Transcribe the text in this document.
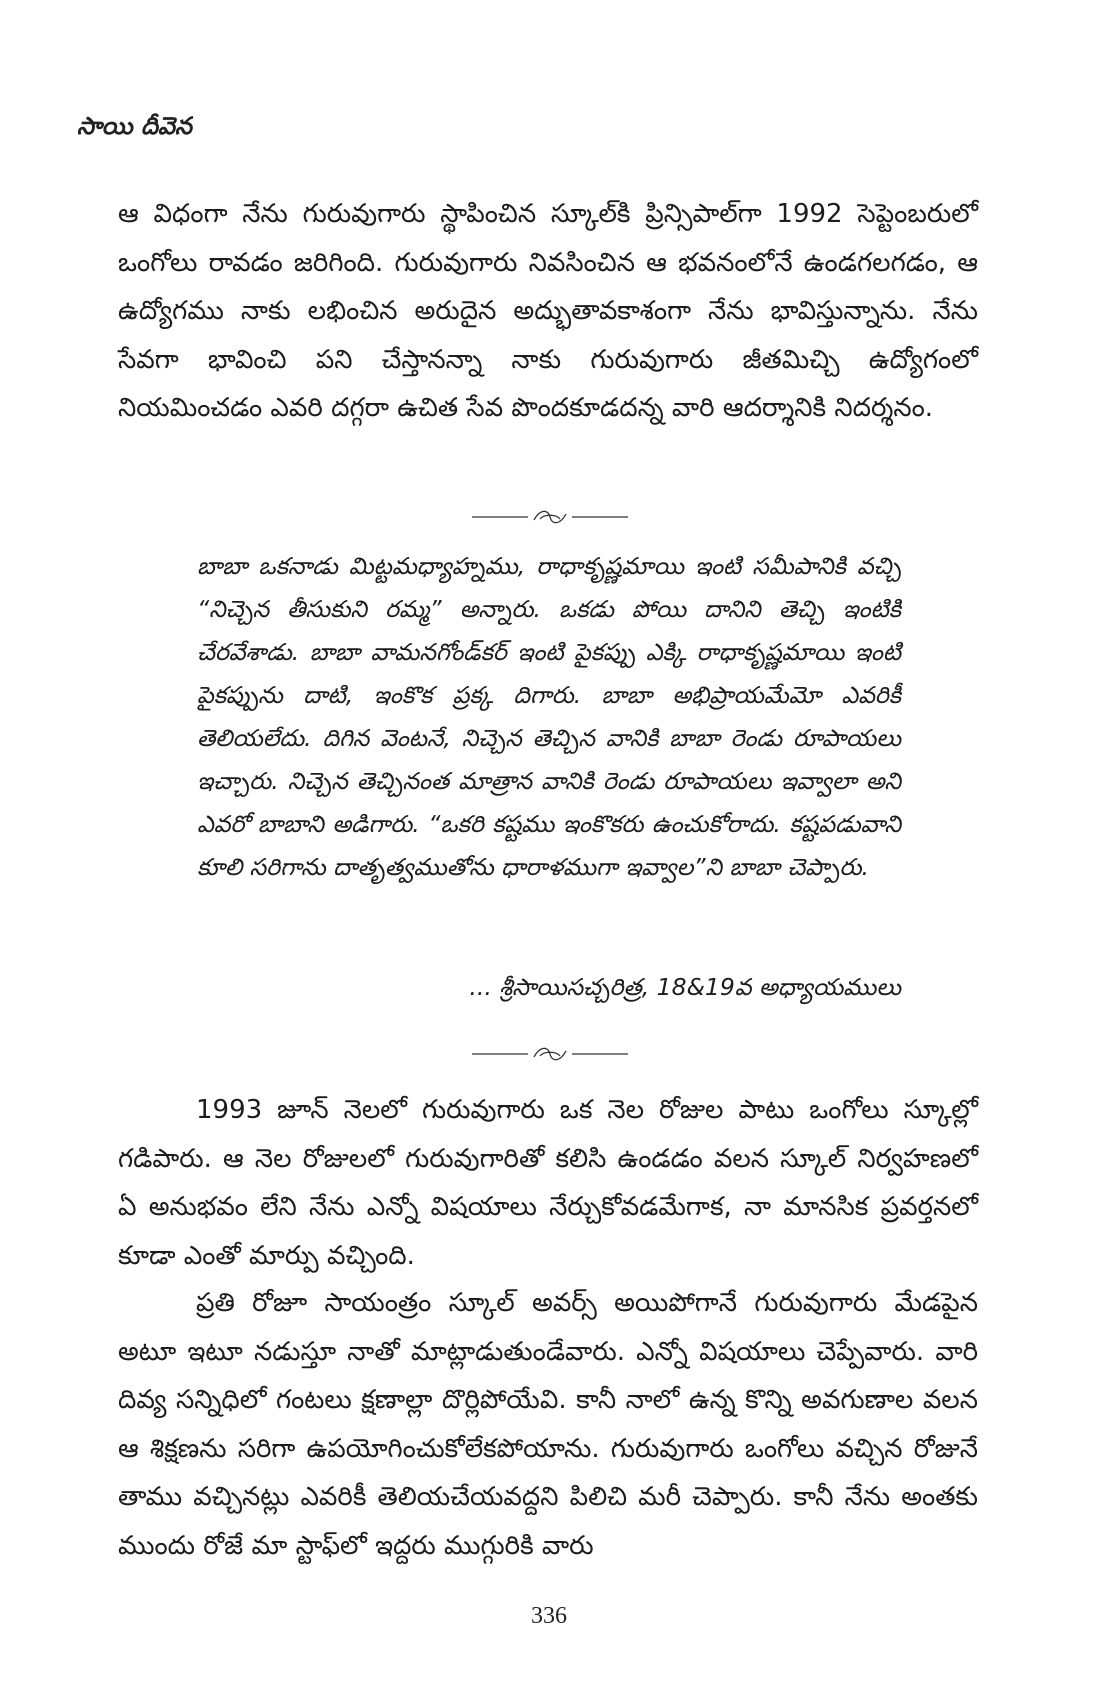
సాయి దీవెన

ఆ విధంగా నేను గురువుగారు స్థాపించిన స్కూల్‌కి ప్రిన్సిపాల్‌గా 1992 సెప్టెంబరులో ఒంగోలు రావడం జరిగింది. గురువుగారు నివసించిన ఆ భవనంలోనే ఉండగలగడం, ఆ ఉద్యోగము నాకు లభించిన అరుదైన అద్భుతావకాశంగా నేను భావిస్తున్నాను. నేను సేవగా భావించి పని చేస్తానన్నా నాకు గురువుగారు జీతమిచ్చి ఉద్యోగంలో నియమించడం ఎవరి దగ్గరా ఉచిత సేవ పొందకూడదన్న వారి ఆదర్శానికి నిదర్శనం.

బాబా ఒకనాడు మిట్టమధ్యాహ్నము, రాధాకృష్ణమాయి ఇంటి సమీపానికి వచ్చి “నిచ్చెన తీసుకుని రమ్మ” అన్నారు. ఒకడు పోయి దానిని తెచ్చి ఇంటికి చేరవేశాడు. బాబా వామనగోండ్‌కర్ ఇంటి పైకప్పు ఎక్కి రాధాకృష్ణమాయి ఇంటి పైకప్పును దాటి, ఇంకొక ప్రక్క దిగారు. బాబా అభిప్రాయమేమో ఎవరికీ తెలియలేదు. దిగిన వెంటనే, నిచ్చెన తెచ్చిన వానికి బాబా రెండు రూపాయలు ఇచ్చారు. నిచ్చెన తెచ్చినంత మాత్రాన వానికి రెండు రూపాయలు ఇవ్వాలా అని ఎవరో బాబాని అడిగారు. “ఒకరి కష్టము ఇంకొకరు ఉంచుకోరాదు. కష్టపడువాని కూలి సరిగాను దాతృత్వముతోను ధారాళముగా ఇవ్వాల”ని బాబా చెప్పారు.

... శ్రీసాయిసచ్చరిత్ర, 18&19వ అధ్యాయములు

1993 జూన్ నెలలో గురువుగారు ఒక నెల రోజుల పాటు ఒంగోలు స్కూల్లో గడిపారు. ఆ నెల రోజులలో గురువుగారితో కలిసి ఉండడం వలన స్కూల్ నిర్వహణలో ఏ అనుభవం లేని నేను ఎన్నో విషయాలు నేర్చుకోవడమేగాక, నా మానసిక ప్రవర్తనలో కూడా ఎంతో మార్పు వచ్చింది.

ప్రతి రోజూ సాయంత్రం స్కూల్ అవర్స్ అయిపోగానే గురువుగారు మేడపైన అటూ ఇటూ నడుస్తూ నాతో మాట్లాడుతుండేవారు. ఎన్నో విషయాలు చెప్పేవారు. వారి దివ్య సన్నిధిలో గంటలు క్షణాల్లా దొర్లిపోయేవి. కానీ నాలో ఉన్న కొన్ని అవగుణాల వలన ఆ శిక్షణను సరిగా ఉపయోగించుకోలేకపోయాను. గురువుగారు ఒంగోలు వచ్చిన రోజునే తాము వచ్చినట్లు ఎవరికీ తెలియచేయవద్దని పిలిచి మరీ చెప్పారు. కానీ నేను అంతకు ముందు రోజే మా స్టాఫ్‌లో ఇద్దరు ముగ్గురికి వారు

336
